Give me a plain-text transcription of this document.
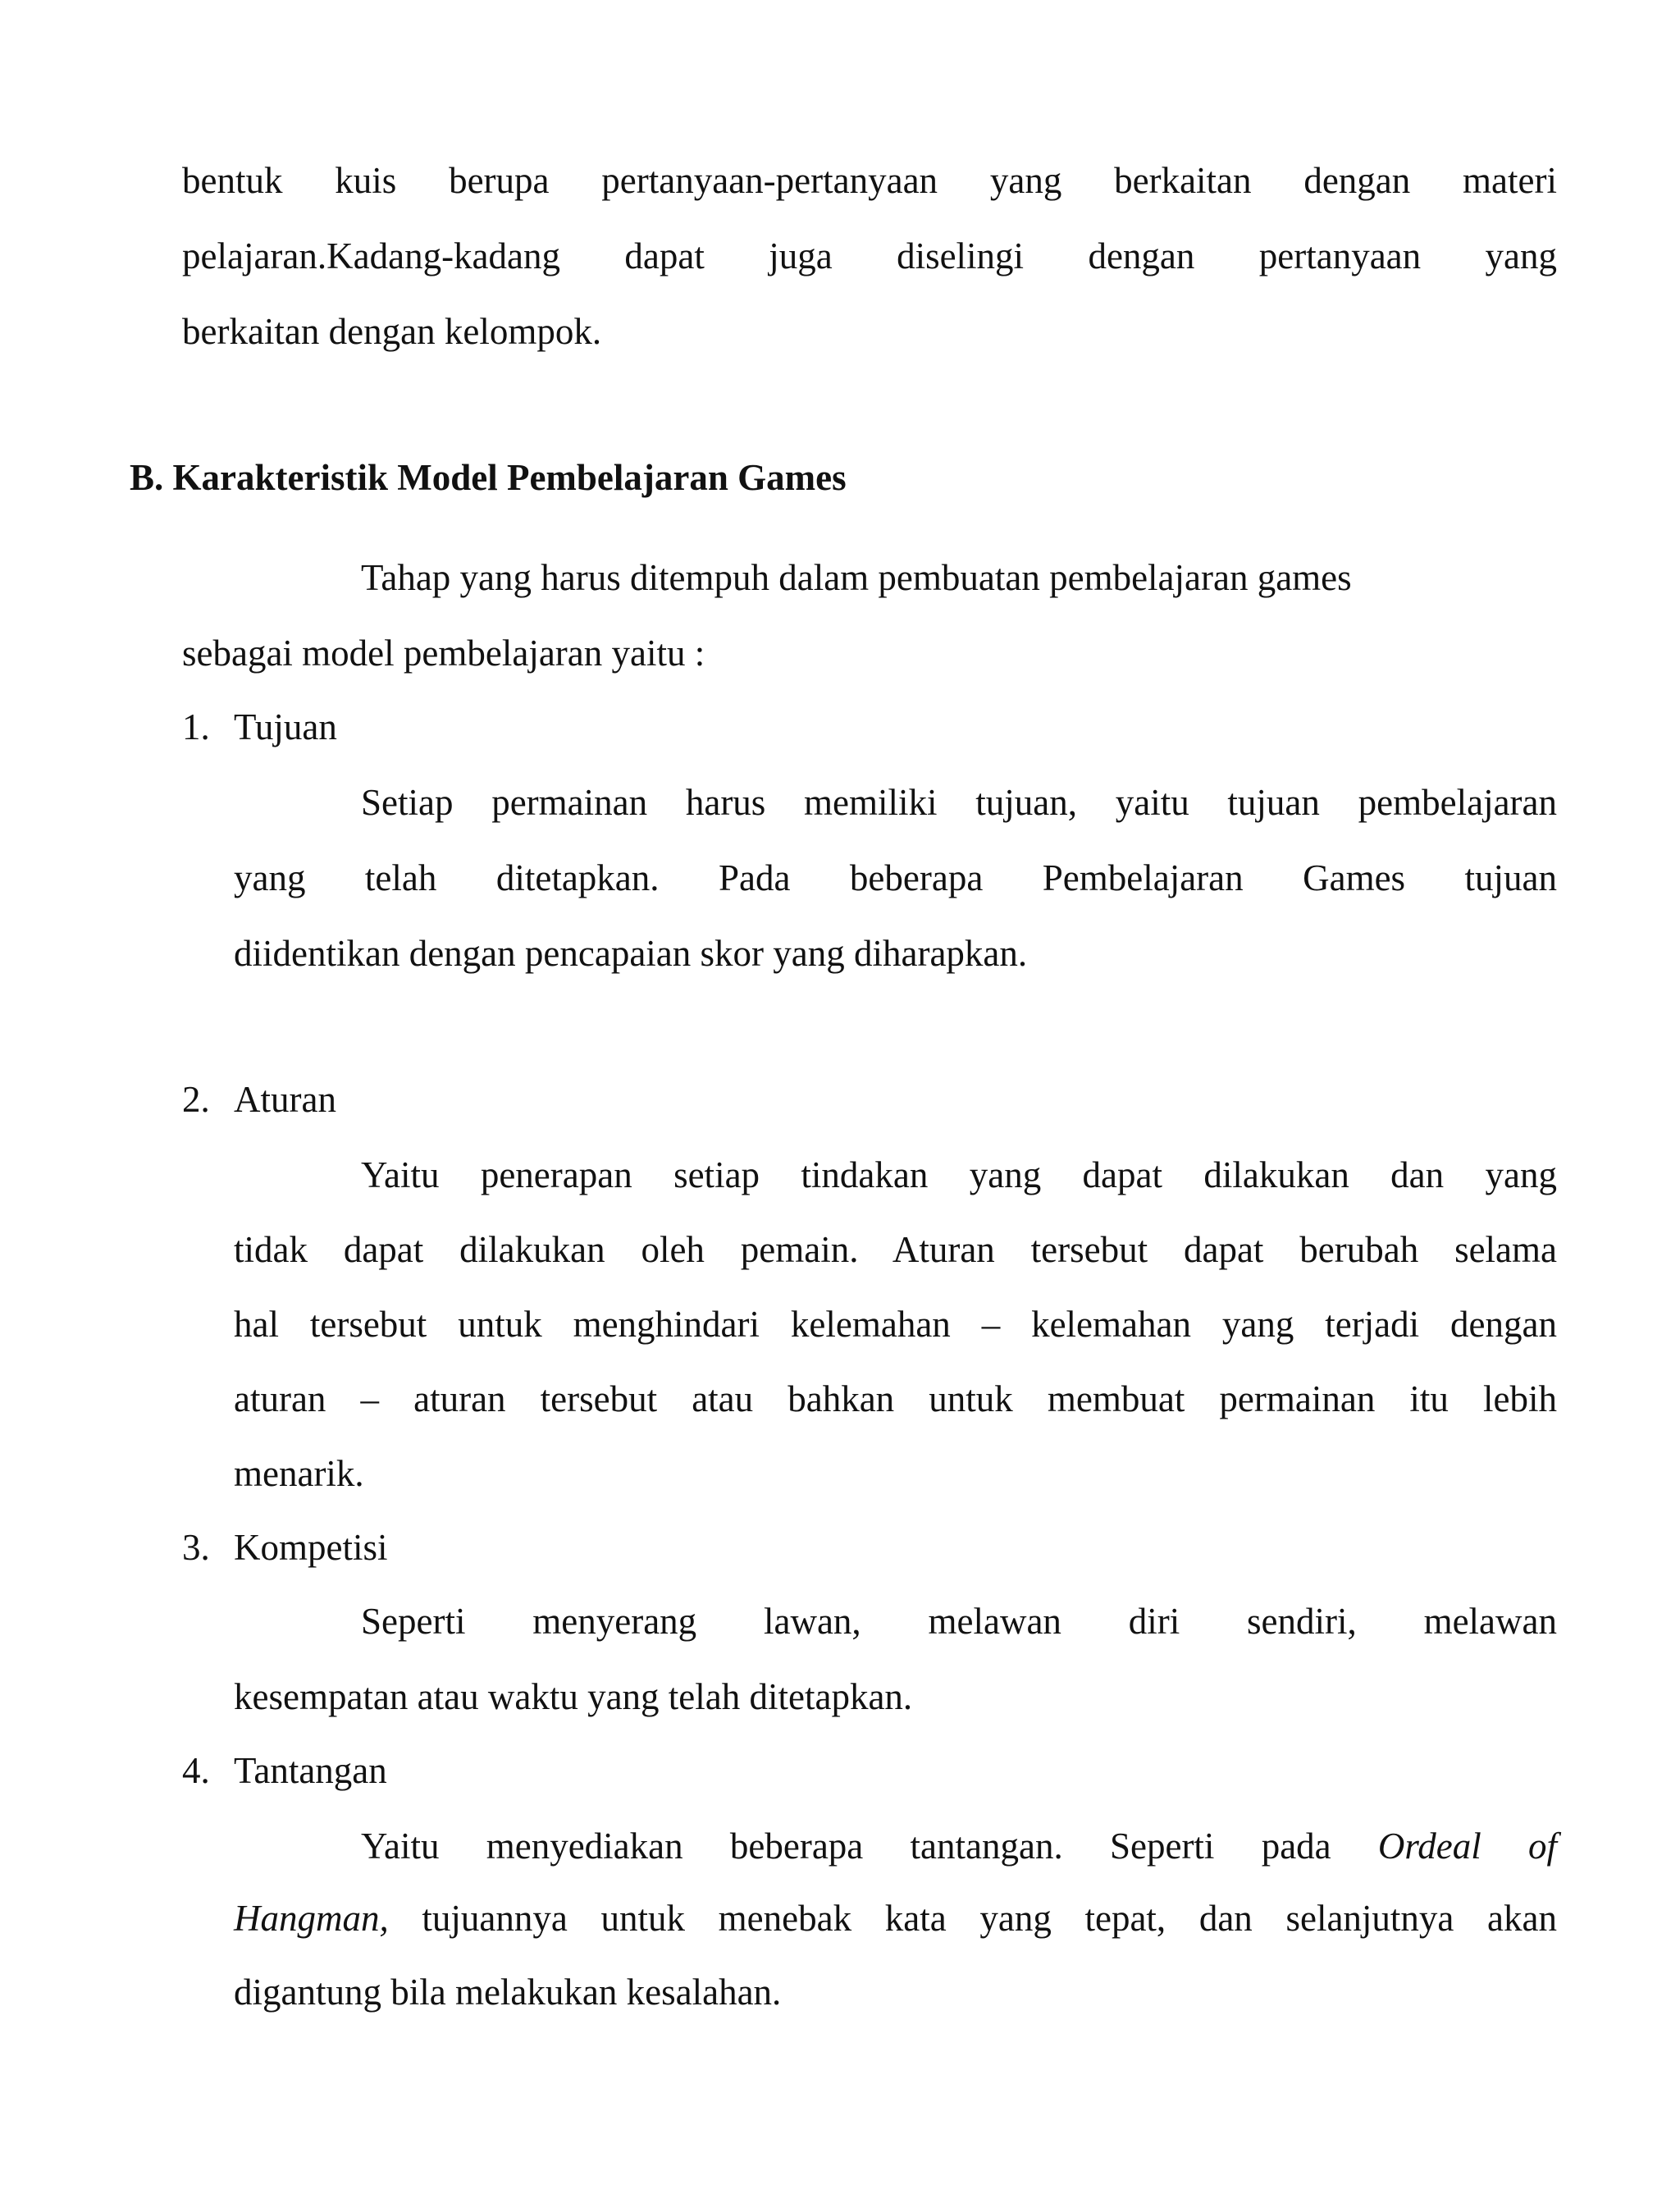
bentuk kuis berupa pertanyaan-pertanyaan yang berkaitan dengan materi
pelajaran.Kadang-kadang dapat juga diselingi dengan pertanyaan yang
berkaitan dengan kelompok.
B. Karakteristik Model Pembelajaran Games
Tahap yang harus ditempuh dalam pembuatan pembelajaran games
sebagai model pembelajaran yaitu :
1. Tujuan
Setiap permainan harus memiliki tujuan, yaitu tujuan pembelajaran
yang telah ditetapkan. Pada beberapa Pembelajaran Games tujuan
diidentikan dengan pencapaian skor yang diharapkan.
2. Aturan
Yaitu penerapan setiap tindakan yang dapat dilakukan dan yang
tidak dapat dilakukan oleh pemain. Aturan tersebut dapat berubah selama
hal tersebut untuk menghindari kelemahan – kelemahan yang terjadi dengan
aturan – aturan tersebut atau bahkan untuk membuat permainan itu lebih
menarik.
3. Kompetisi
Seperti menyerang lawan, melawan diri sendiri, melawan
kesempatan atau waktu yang telah ditetapkan.
4. Tantangan
Yaitu menyediakan beberapa tantangan. Seperti pada Ordeal of
Hangman, tujuannya untuk menebak kata yang tepat, dan selanjutnya akan
digantung bila melakukan kesalahan.
